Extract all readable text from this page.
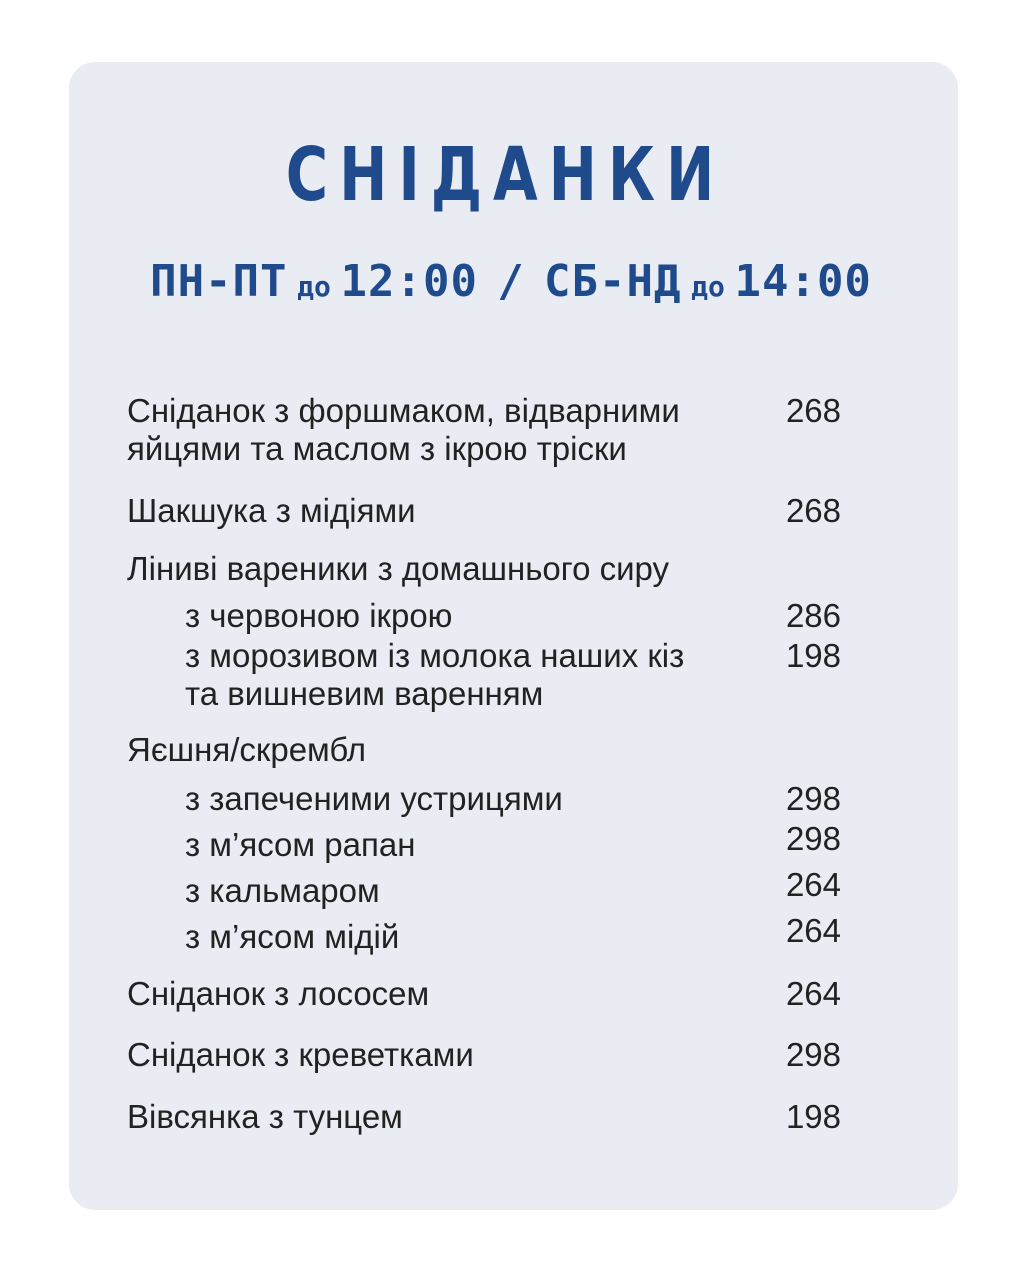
СНІДАНКИ
ПН-ПТ до 12:00 / СБ-НД до 14:00
Сніданок з форшмаком, відварними
яйцями та маслом з ікрою тріски
268
Шакшука з мідіями	268
Ліниві вареники з домашнього сиру
з червоною ікрою	286
з морозивом із молока наших кіз
та вишневим варенням
198
Яєшня/скрембл
з запеченими устрицями	298
з м’ясом рапан	298
з кальмаром	264
з м’ясом мідій	264
Сніданок з лососем	264
Сніданок з креветками	298
Вівсянка з тунцем	198
